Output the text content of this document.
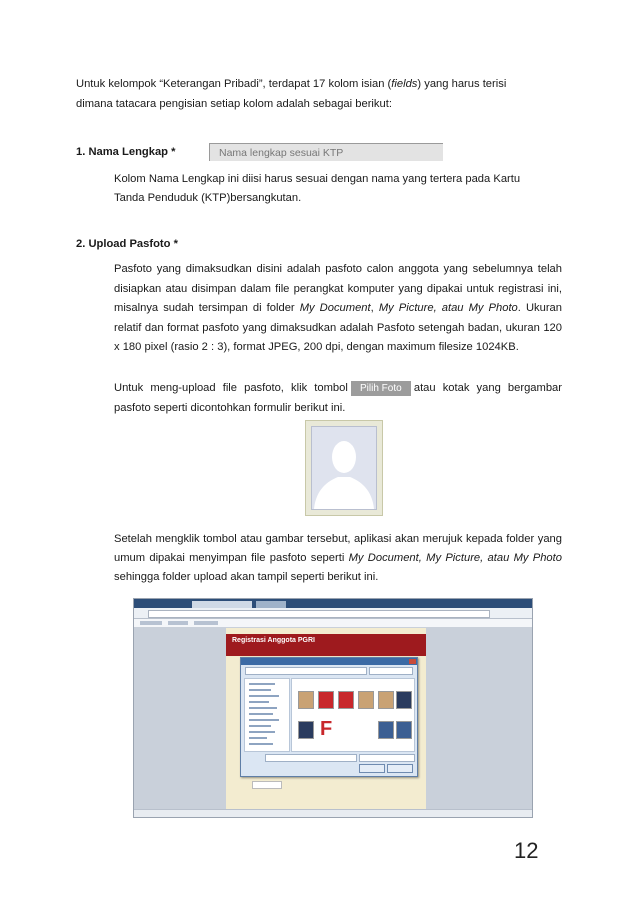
Untuk kelompok “Keterangan Pribadi”, terdapat 17 kolom isian (fields) yang harus terisi
dimana tatacara pengisian setiap kolom adalah sebagai berikut:
1. Nama Lengkap *	Nama lengkap sesuai KTP
Kolom Nama Lengkap ini diisi harus sesuai dengan nama yang tertera pada Kartu
Tanda Penduduk (KTP)bersangkutan.
2. Upload Pasfoto *
Pasfoto yang dimaksudkan disini adalah pasfoto calon anggota yang sebelumnya telah disiapkan atau disimpan dalam file perangkat komputer yang dipakai untuk registrasi ini, misalnya sudah tersimpan di folder My Document, My Picture, atau My Photo. Ukuran relatif dan format pasfoto yang dimaksudkan adalah Pasfoto setengah badan, ukuran 120 x 180 pixel (rasio 2 : 3), format JPEG, 200 dpi, dengan maximum filesize 1024KB.
Untuk meng-upload file pasfoto, klik tombol Pilih Foto atau kotak yang bergambar pasfoto seperti dicontohkan formulir berikut ini.
Setelah mengklik tombol atau gambar tersebut, aplikasi akan merujuk kepada folder yang umum dipakai menyimpan file pasfoto seperti My Document, My Picture, atau My Photo sehingga folder upload akan tampil seperti berikut ini.
Registrasi Anggota PGRI
F
12
